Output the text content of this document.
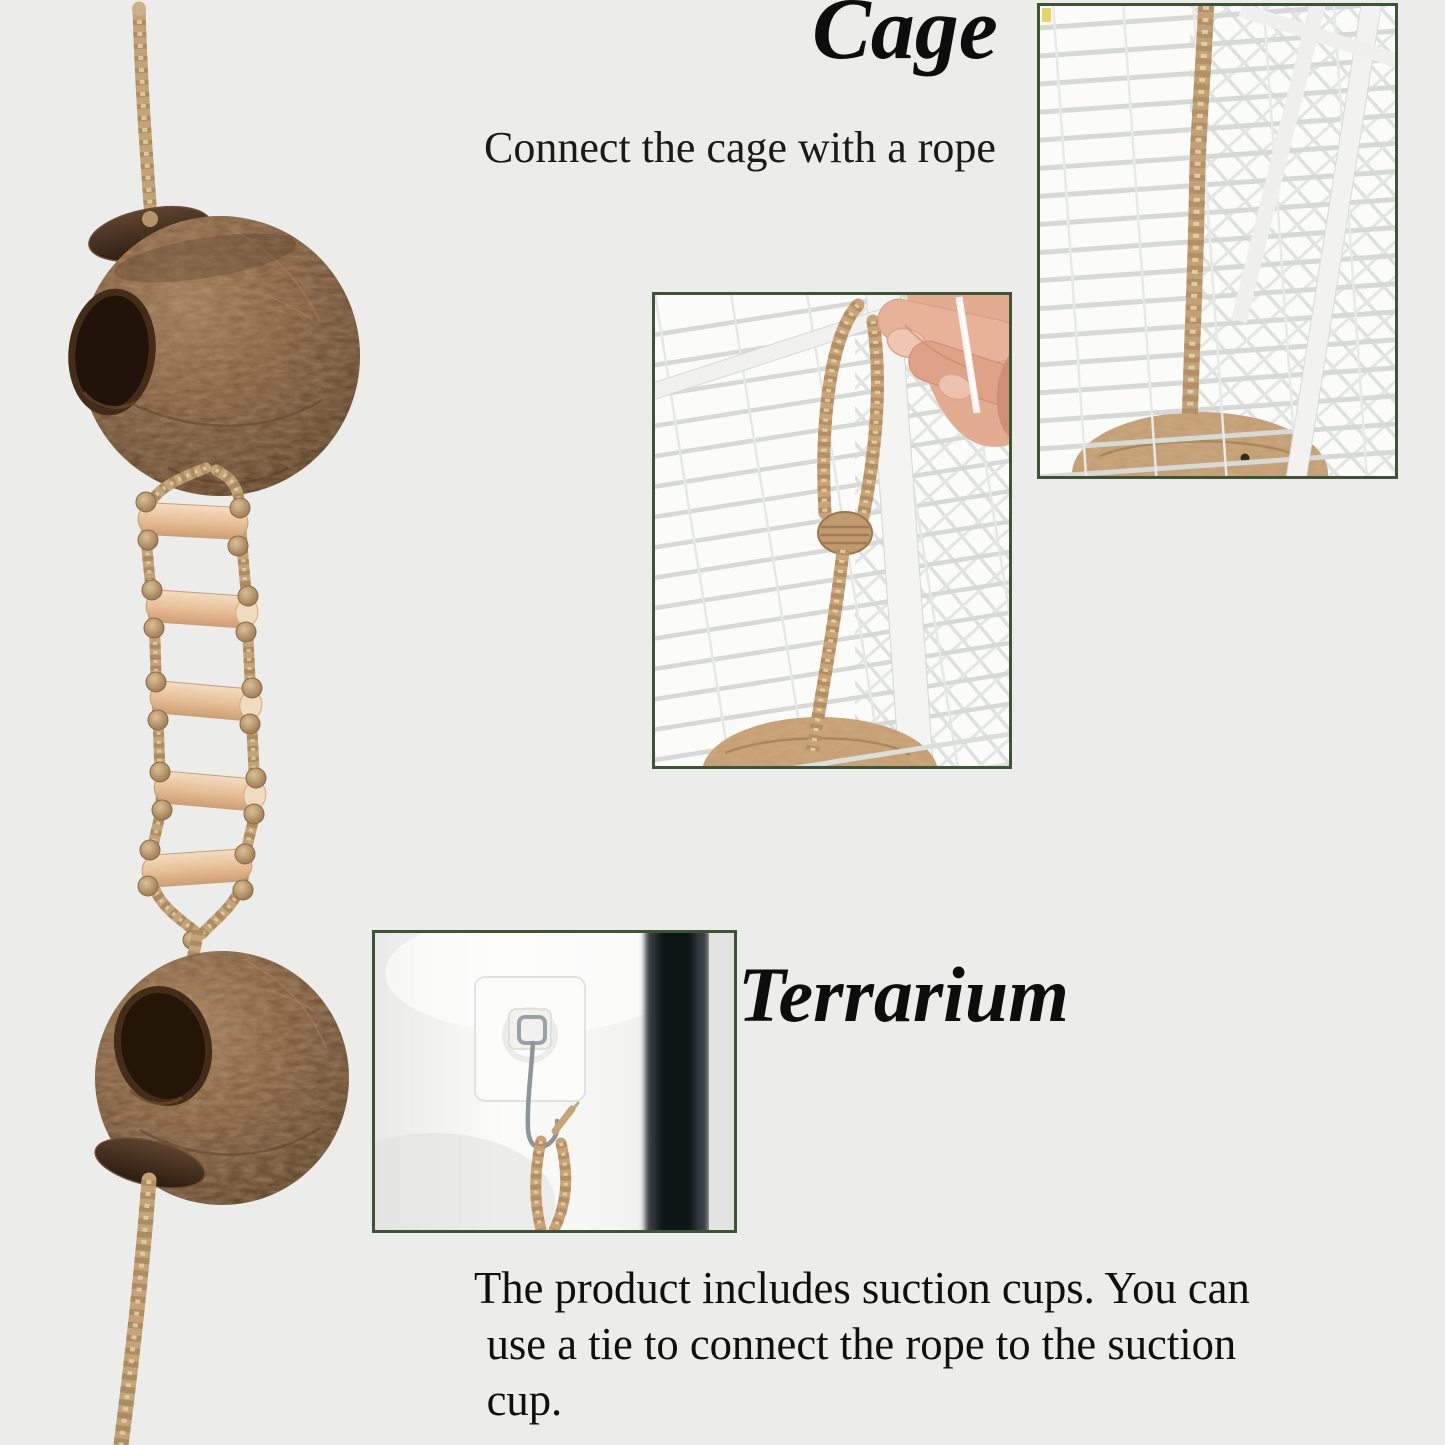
Cage
Connect the cage with a rope
Terrarium
The product includes suction cups. You can
use a tie to connect the rope to the suction
cup.
